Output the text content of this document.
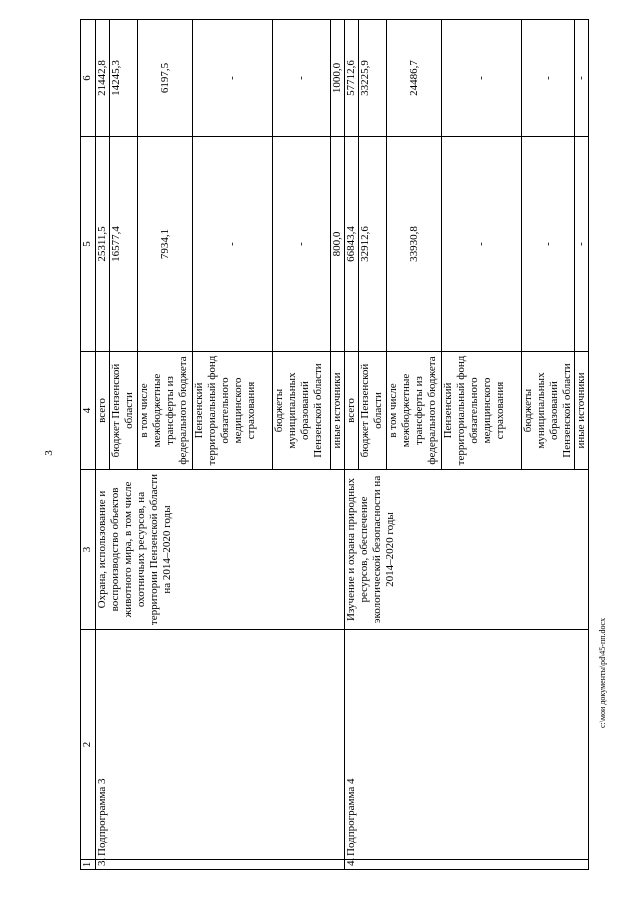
3
1	2	3	4	5	6
3.	Подпрограмма 3	Охрана, использование и воспроизводство объектов животного мира, в том числе охотничьих ресурсов, на территории Пензенской области на 2014–2020 годы	всего	25311,5	21442,8
			бюджет Пензенской области	16577,4	14245,3
			в том числе межбюджетные трансферты из федерального бюджета	7934,1	6197,5
			Пензенский территориальный фонд обязательного медицинского страхования	-	-
			бюджеты муниципальных образований Пензенской области	-	-
			иные источники	800,0	1000,0
4.	Подпрограмма 4	Изучение и охрана природных ресурсов, обеспечение экологической безопасности на 2014–2020 годы	всего	66843,4	57712,6
			бюджет Пензенской области	32912,6	33225,9
			в том числе межбюджетные трансферты из федерального бюджета	33930,8	24486,7
			Пензенский территориальный фонд обязательного медицинского страхования	-	-
			бюджеты муниципальных образований Пензенской области	-	-
			иные источники	-	-
c:\мои документы\pd\45-пп.docx
